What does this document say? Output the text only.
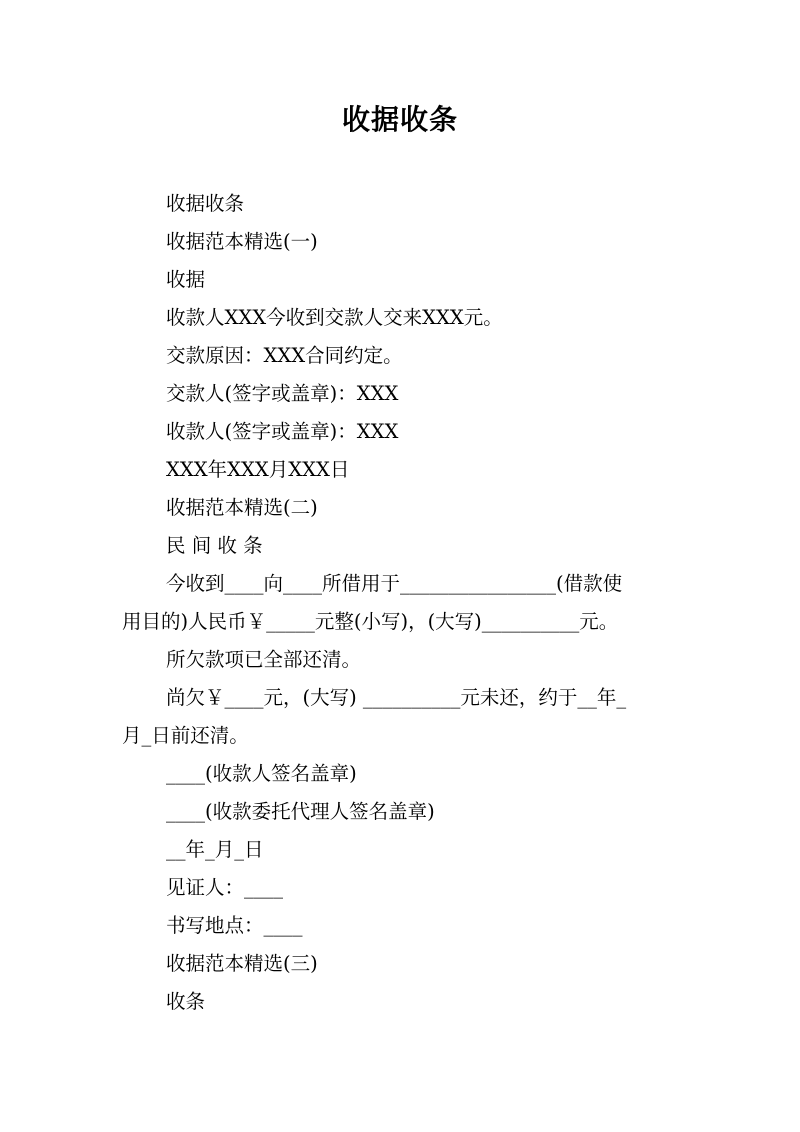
收据收条
收据收条
收据范本精选(一)
收据
收款人XXX今收到交款人交来XXX元。
交款原因：XXX合同约定。
交款人(签字或盖章)：XXX
收款人(签字或盖章)：XXX
XXX年XXX月XXX日
收据范本精选(二)
民 间 收 条
今收到____向____所借用于________________(借款使
用目的)人民币￥_____元整(小写)，(大写)__________元。
所欠款项已全部还清。
尚欠￥____元，(大写) __________元未还，约于__年_
月_日前还清。
____(收款人签名盖章)
____(收款委托代理人签名盖章)
__年_月_日
见证人：____
书写地点：____
收据范本精选(三)
收条
